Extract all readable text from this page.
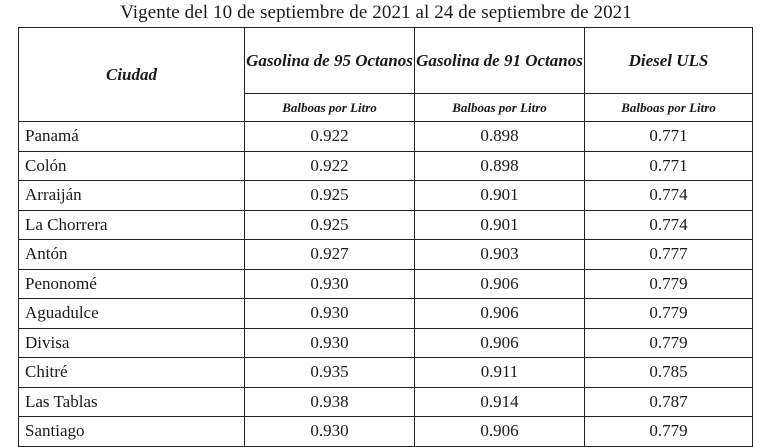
Vigente del 10 de septiembre de 2021 al 24 de septiembre de 2021
Ciudad	Gasolina de 95 Octanos	Gasolina de 91 Octanos	Diesel ULS
	Balboas por Litro	Balboas por Litro	Balboas por Litro
Panamá	0.922	0.898	0.771
Colón	0.922	0.898	0.771
Arraiján	0.925	0.901	0.774
La Chorrera	0.925	0.901	0.774
Antón	0.927	0.903	0.777
Penonomé	0.930	0.906	0.779
Aguadulce	0.930	0.906	0.779
Divisa	0.930	0.906	0.779
Chitré	0.935	0.911	0.785
Las Tablas	0.938	0.914	0.787
Santiago	0.930	0.906	0.779
